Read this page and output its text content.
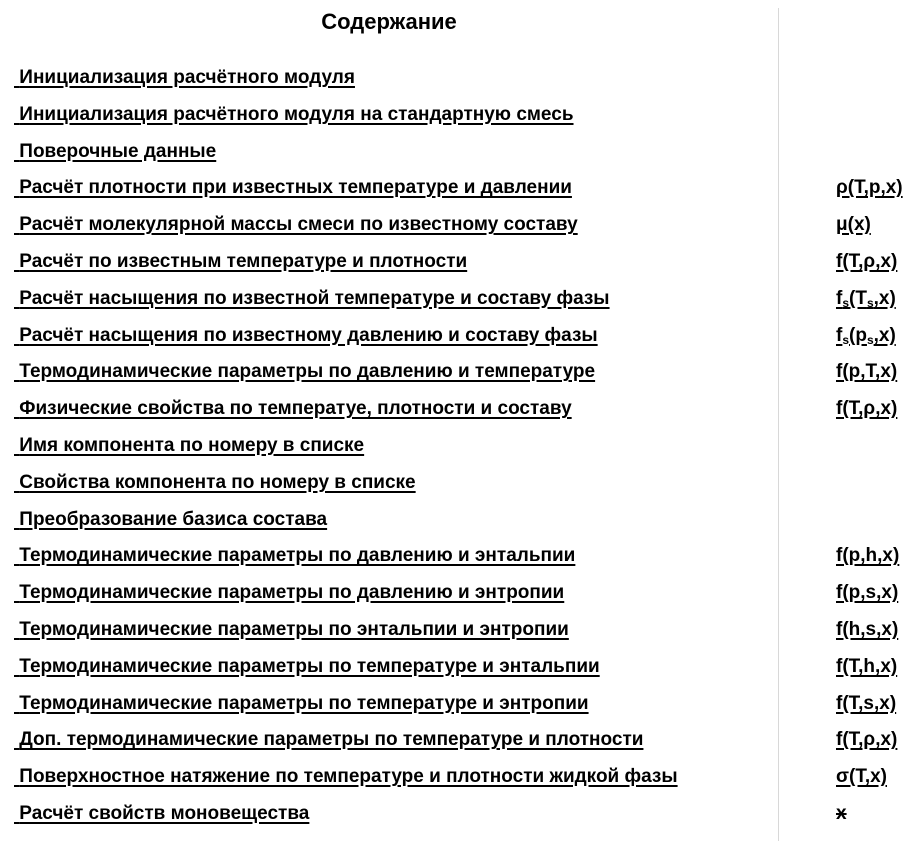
Содержание
Инициализация расчётного модуля
Инициализация расчётного модуля на стандартную смесь
Поверочные данные
Расчёт плотности при известных температуре и давлении	ρ(T,p,x)
Расчёт молекулярной массы смеси по известному составу	μ(x)
Расчёт по известным температуре и плотности	f(T,ρ,x)
Расчёт насыщения по известной температуре и составу фазы	$f_s(T_s,x)$
Расчёт насыщения по известному давлению и составу фазы	$f_s(p_s,x)$
Термодинамические параметры по давлению и температуре	f(p,T,x)
Физические свойства по температуе, плотности и составу	f(T,ρ,x)
Имя компонента по номеру в списке
Свойства компонента по номеру в списке
Преобразование базиса состава
Термодинамические параметры по давлению и энтальпии	f(p,h,x)
Термодинамические параметры по давлению и энтропии	f(p,s,x)
Термодинамические параметры по энтальпии и энтропии	f(h,s,x)
Термодинамические параметры по температуре и энтальпии	f(T,h,x)
Термодинамические параметры по температуре и энтропии	f(T,s,x)
Доп. термодинамические параметры по температуре и плотности	f(T,ρ,x)
Поверхностное натяжение по температуре и плотности жидкой фазы	σ(T,x)
Расчёт свойств моновещества	x
